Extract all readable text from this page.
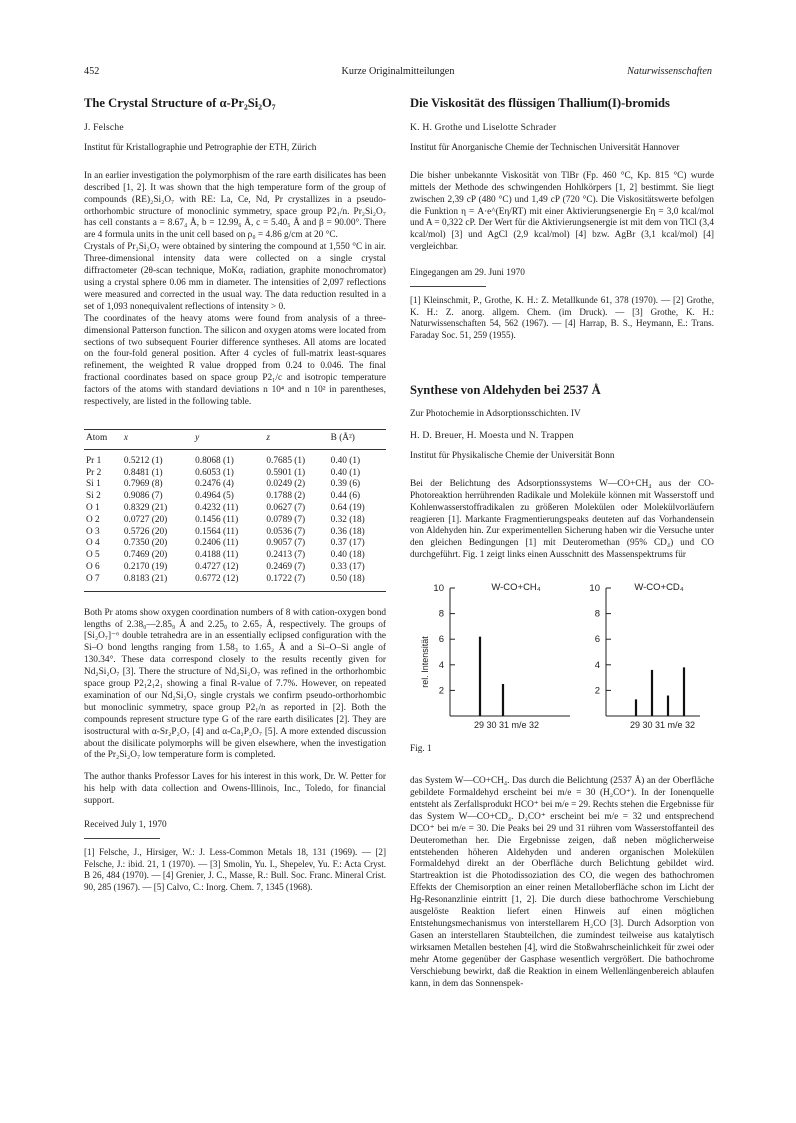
452	Kurze Originalmitteilungen	Naturwissenschaften
The Crystal Structure of α-Pr₂Si₂O₇
J. Felsche
Institut für Kristallographie und Petrographie der ETH, Zürich

In an earlier investigation the polymorphism of the rare earth disilicates has been described [1, 2]. It was shown that the high temperature form of the group of compounds (RE)₂Si₂O₇ with RE: La, Ce, Nd, Pr crystallizes in a pseudo-orthorhombic structure of monoclinic symmetry, space group P2₁/n. Pr₂Si₂O₇ has cell constants a = 8.67₄ Å, b = 12.99₆ Å, c = 5.40₅ Å and β = 90.00°. There are 4 formula units in the unit cell based on ρ₀ = 4.86 g/cm at 20 °C.

Crystals of Pr₂Si₂O₇ were obtained by sintering the compound at 1,550 °C in air. Three-dimensional intensity data were collected on a single crystal diffractometer (2θ-scan technique, MoKα₁ radiation, graphite monochromator) using a crystal sphere 0.06 mm in diameter. The intensities of 2,097 reflections were measured and corrected in the usual way. The data reduction resulted in a set of 1,093 nonequivalent reflections of intensity > 0.

The coordinates of the heavy atoms were found from analysis of a three-dimensional Patterson function. The silicon and oxygen atoms were located from sections of two subsequent Fourier difference syntheses. All atoms are located on the four-fold general position. After 4 cycles of full-matrix least-squares refinement, the weighted R value dropped from 0.24 to 0.046. The final fractional coordinates based on space group P2₁/c and isotropic temperature factors of the atoms with standard deviations n 10⁴ and n 10² in parentheses, respectively, are listed in the following table.

Atom	x	y	z	B (Å²)
Pr 1	0.5212 (1)	0.8068 (1)	0.7685 (1)	0.40 (1)
Pr 2	0.8481 (1)	0.6053 (1)	0.5901 (1)	0.40 (1)
Si 1	0.7969 (8)	0.2476 (4)	0.0249 (2)	0.39 (6)
Si 2	0.9086 (7)	0.4964 (5)	0.1788 (2)	0.44 (6)
O 1	0.8329 (21)	0.4232 (11)	0.0627 (7)	0.64 (19)
O 2	0.0727 (20)	0.1456 (11)	0.0789 (7)	0.32 (18)
O 3	0.5726 (20)	0.1564 (11)	0.0536 (7)	0.36 (18)
O 4	0.7350 (20)	0.2406 (11)	0.9057 (7)	0.37 (17)
O 5	0.7469 (20)	0.4188 (11)	0.2413 (7)	0.40 (18)
O 6	0.2170 (19)	0.4727 (12)	0.2469 (7)	0.33 (17)
O 7	0.8183 (21)	0.6772 (12)	0.1722 (7)	0.50 (18)

Both Pr atoms show oxygen coordination numbers of 8 with cation-oxygen bond lengths of 2.38₀—2.85₉ Å and 2.25₀ to 2.65₇ Å, respectively. The groups of [Si₂O₇]⁻⁶ double tetrahedra are in an essentially eclipsed configuration with the Si–O bond lengths ranging from 1.58₃ to 1.65₂ Å and a Si–O–Si angle of 130.34°. These data correspond closely to the results recently given for Nd₂Si₂O₇ [3]. There the structure of Nd₂Si₂O₇ was refined in the orthorhombic space group P2₁2₁2₁ showing a final R-value of 7.7%. However, on repeated examination of our Nd₂Si₂O₇ single crystals we confirm pseudo-orthorhombic but monoclinic symmetry, space group P2₁/n as reported in [2]. Both the compounds represent structure type G of the rare earth disilicates [2]. They are isostructural with α-Sr₂P₂O₇ [4] and α-Ca₂P₂O₇ [5]. A more extended discussion about the disilicate polymorphs will be given elsewhere, when the investigation of the Pr₂Si₂O₇ low temperature form is completed.

The author thanks Professor Laves for his interest in this work, Dr. W. Petter for his help with data collection and Owens-Illinois, Inc., Toledo, for financial support.

Received July 1, 1970

[1] Felsche, J., Hirsiger, W.: J. Less-Common Metals 18, 131 (1969). — [2] Felsche, J.: ibid. 21, 1 (1970). — [3] Smolin, Yu. I., Shepelev, Yu. F.: Acta Cryst. B 26, 484 (1970). — [4] Grenier, J. C., Masse, R.: Bull. Soc. Franc. Mineral Crist. 90, 285 (1967). — [5] Calvo, C.: Inorg. Chem. 7, 1345 (1968).

Die Viskosität des flüssigen Thallium(I)-bromids
K. H. Grothe und Liselotte Schrader
Institut für Anorganische Chemie der Technischen Universität Hannover

Die bisher unbekannte Viskosität von TlBr (Fp. 460 °C, Kp. 815 °C) wurde mittels der Methode des schwingenden Hohlkörpers [1, 2] bestimmt. Sie liegt zwischen 2,39 cP (480 °C) und 1,49 cP (720 °C). Die Viskositätswerte befolgen die Funktion η = A·e^(Eη/RT) mit einer Aktivierungsenergie Eη = 3,0 kcal/mol und A = 0,322 cP. Der Wert für die Aktivierungsenergie ist mit dem von TlCl (3,4 kcal/mol) [3] und AgCl (2,9 kcal/mol) [4] bzw. AgBr (3,1 kcal/mol) [4] vergleichbar.

Eingegangen am 29. Juni 1970

[1] Kleinschmit, P., Grothe, K. H.: Z. Metallkunde 61, 378 (1970). — [2] Grothe, K. H.: Z. anorg. allgem. Chem. (im Druck). — [3] Grothe, K. H.: Naturwissenschaften 54, 562 (1967). — [4] Harrap, B. S., Heymann, E.: Trans. Faraday Soc. 51, 259 (1955).

Synthese von Aldehyden bei 2537 Å
Zur Photochemie in Adsorptionsschichten. IV
H. D. Breuer, H. Moesta und N. Trappen
Institut für Physikalische Chemie der Universität Bonn

Bei der Belichtung des Adsorptionssystems W—CO+CH₄ aus der CO-Photoreaktion herrührenden Radikale und Moleküle können mit Wasserstoff und Kohlenwasserstoffradikalen zu größeren Molekülen oder Molekülvorläufern reagieren [1]. Markante Fragmentierungspeaks deuteten auf das Vorhandensein von Aldehyden hin. Zur experimentellen Sicherung haben wir die Versuche unter den gleichen Bedingungen [1] mit Deuteromethan (95% CD₄) und CO durchgeführt. Fig. 1 zeigt links einen Ausschnitt des Massenspektrums für

2
4
6
8
10	W-CO+CH₄
29 30 31 m/e 32
rel. Intensität
2
4
6
8
10	W-CO+CD₄
29 30 31 m/e 32
Fig. 1

das System W—CO+CH₄. Das durch die Belichtung (2537 Å) an der Oberfläche gebildete Formaldehyd erscheint bei m/e = 30 (H₂CO⁺). In der Ionenquelle entsteht als Zerfallsprodukt HCO⁺ bei m/e = 29. Rechts stehen die Ergebnisse für das System W—CO+CD₄. D₂CO⁺ erscheint bei m/e = 32 und entsprechend DCO⁺ bei m/e = 30. Die Peaks bei 29 und 31 rühren vom Wasserstoffanteil des Deuteromethan her. Die Ergebnisse zeigen, daß neben möglicherweise entstehenden höheren Aldehyden und anderen organischen Molekülen Formaldehyd direkt an der Oberfläche durch Belichtung gebildet wird. Startreaktion ist die Photodissoziation des CO, die wegen des bathochromen Effekts der Chemisorption an einer reinen Metalloberfläche schon im Licht der Hg-Resonanzlinie eintritt [1, 2]. Die durch diese bathochrome Verschiebung ausgelöste Reaktion liefert einen Hinweis auf einen möglichen Entstehungsmechanismus von interstellarem H₂CO [3]. Durch Adsorption von Gasen an interstellaren Staubteilchen, die zumindest teilweise aus katalytisch wirksamen Metallen bestehen [4], wird die Stoßwahrscheinlichkeit für zwei oder mehr Atome gegenüber der Gasphase wesentlich vergrößert. Die bathochrome Verschiebung bewirkt, daß die Reaktion in einem Wellenlängenbereich ablaufen kann, in dem das Sonnenspek-
